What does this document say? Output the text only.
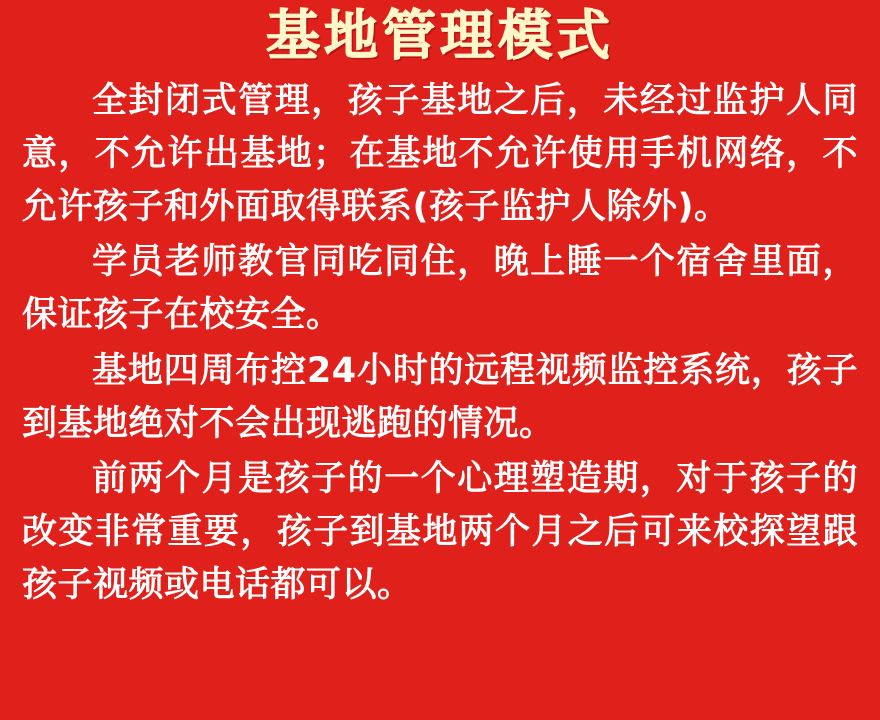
基地管理模式

全封闭式管理，孩子基地之后，未经过监护人同意，不允许出基地；在基地不允许使用手机网络，不允许孩子和外面取得联系(孩子监护人除外)。

学员老师教官同吃同住，晚上睡一个宿舍里面，保证孩子在校安全。

基地四周布控24小时的远程视频监控系统，孩子到基地绝对不会出现逃跑的情况。

前两个月是孩子的一个心理塑造期，对于孩子的改变非常重要，孩子到基地两个月之后可来校探望跟孩子视频或电话都可以。
